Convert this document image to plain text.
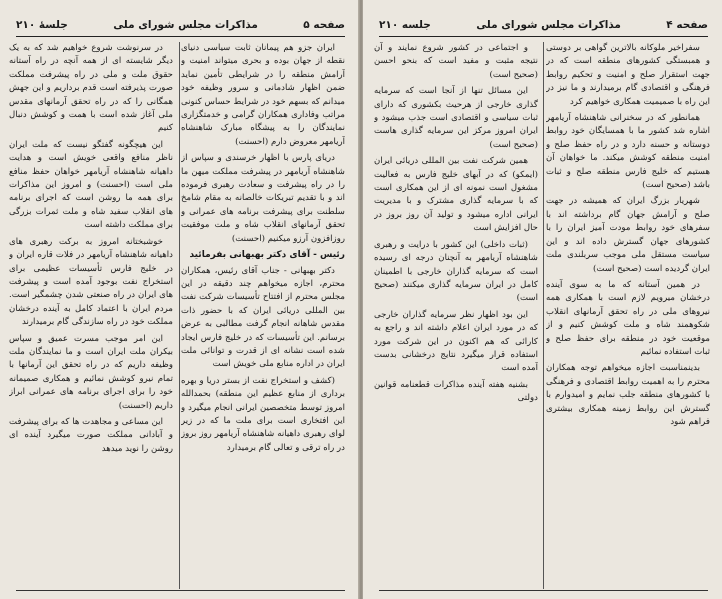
صفحه ۵
مذاکرات مجلس شورای ملی
جلسهٔ ۲۱۰

ایران جزو هم پیمانان ثابت سیاسی دنیای نقطه از جهان بوده و بحری میتواند امنیت و آرامش منطقه را در شرایطی تأمین نماید ضمن اظهار شادمانی و سرور وظیفه خود میدانم که بسهم خود در شرایط حساس کنونی مراتب وفاداری همکاران گرامی و خدمتگزاری نمایندگان را به پیشگاه مبارک شاهنشاه آریامهر معروض دارم (احسنت)

دریای پارس با اظهار خرسندی و سپاس از شاهنشاه آریامهر در پیشرفت مملکت میهن ما را در راه پیشرفت و سعادت رهبری فرموده اند و با تقدیم تبریکات خالصانه به مقام شامخ سلطنت برای پیشرفت برنامه های عمرانی و تحقق آرمانهای انقلاب شاه و ملت موفقیت روزافزون آرزو میکنیم (احسنت)

رئیس - آقای دکتر بهبهانی بفرمائید

دکتر بهبهانی - جناب آقای رئیس، همکاران محترم، اجازه میخواهم چند دقیقه در این مجلس محترم از افتتاح تأسیسات شرکت نفت بین المللی دریائی ایران که با حضور ذات مقدس شاهانه انجام گرفت مطالبی به عرض برسانم. این تأسیسات که در خلیج فارس ایجاد شده است نشانه ای از قدرت و توانائی ملت ایران در اداره منابع ملی خویش است

(کشف و استخراج نفت از بستر دریا و بهره برداری از منابع عظیم این منطقه) بحمدالله امروز توسط متخصصین ایرانی انجام میگیرد و این افتخاری است برای ملت ما که در زیر لوای رهبری داهیانه شاهنشاه آریامهر روز بروز در راه ترقی و تعالی گام برمیدارد

در سرنوشت شروع خواهیم شد که به یک دیگر شایسته ای از همه آنچه در راه آستانه حقوق ملت و ملی در راه پیشرفت مملکت صورت پذیرفته است قدم برداریم و این جهش همگانی را که در راه تحقق آرمانهای مقدس ملی آغاز شده است با همت و کوشش دنبال کنیم

این هیچگونه گفتگو نیست که ملت ایران ناظر منافع واقعی خویش است و هدایت داهیانه شاهنشاه آریامهر خواهان حفظ منافع ملی است (احسنت) و امروز این مذاکرات برای همه ما روشن است که اجرای برنامه های انقلاب سفید شاه و ملت ثمرات بزرگی برای مملکت داشته است

خوشبختانه امروز به برکت رهبری های داهیانه شاهنشاه آریامهر در فلات قاره ایران و در خلیج فارس تأسیسات عظیمی برای استخراج نفت بوجود آمده است و پیشرفت های ایران در راه صنعتی شدن چشمگیر است. مردم ایران با اعتماد کامل به آینده درخشان مملکت خود در راه سازندگی گام برمیدارند

این امر موجب مسرت عمیق و سپاس بیکران ملت ایران است و ما نمایندگان ملت وظیفه داریم که در راه تحقق این آرمانها با تمام نیرو کوشش نمائیم و همکاری صمیمانه خود را برای اجرای برنامه های عمرانی ابراز داریم (احسنت)

این مساعی و مجاهدت ها که برای پیشرفت و آبادانی مملکت صورت میگیرد آینده ای روشن را نوید میدهد

صفحه ۴
مذاکرات مجلس شورای ملی
جلسه ۲۱۰

سفراخیر ملوکانه بالاترین گواهی بر دوستی و همبستگی کشورهای منطقه است که در جهت استقرار صلح و امنیت و تحکیم روابط فرهنگی و اقتصادی گام برمیدارند و ما نیز در این راه با صمیمیت همکاری خواهیم کرد

همانطور که در سخنرانی شاهنشاه آریامهر اشاره شد کشور ما با همسایگان خود روابط دوستانه و حسنه دارد و در راه حفظ صلح و امنیت منطقه کوشش میکند. ما خواهان آن هستیم که خلیج فارس منطقه صلح و ثبات باشد (صحیح است)

شهریار بزرگ ایران که همیشه در جهت صلح و آرامش جهان گام برداشته اند با سفرهای خود روابط مودت آمیز ایران را با کشورهای جهان گسترش داده اند و این سیاست مستقل ملی موجب سربلندی ملت ایران گردیده است (صحیح است)

در همین آستانه که ما به سوی آینده درخشان میرویم لازم است با همکاری همه نیروهای ملی در راه تحقق آرمانهای انقلاب شکوهمند شاه و ملت کوشش کنیم و از موقعیت خود در منطقه برای حفظ صلح و ثبات استفاده نمائیم

بدینمناسبت اجازه میخواهم توجه همکاران محترم را به اهمیت روابط اقتصادی و فرهنگی با کشورهای منطقه جلب نمایم و امیدوارم با گسترش این روابط زمینه همکاری بیشتری فراهم شود

و اجتماعی در کشور شروع نمایند و آن نتیجه مثبت و مفید است که بنحو احسن (صحیح است)

این مسائل تنها از آنجا است که سرمایه گذاری خارجی از هرحیث بکشوری که دارای ثبات سیاسی و اقتصادی است جذب میشود و ایران امروز مرکز این سرمایه گذاری هاست (صحیح است)

همین شرکت نفت بین المللی دریائی ایران (ایمکو) که در آبهای خلیج فارس به فعالیت مشغول است نمونه ای از این همکاری است که با سرمایه گذاری مشترک و با مدیریت ایرانی اداره میشود و تولید آن روز بروز در حال افزایش است

(ثبات داخلی) این کشور با درایت و رهبری شاهنشاه آریامهر به آنچنان درجه ای رسیده است که سرمایه گذاران خارجی با اطمینان کامل در ایران سرمایه گذاری میکنند (صحیح است)

این بود اظهار نظر سرمایه گذاران خارجی که در مورد ایران اعلام داشته اند و راجع به کارائی که هم اکنون در این شرکت مورد استفاده قرار میگیرد نتایج درخشانی بدست آمده است

بشنیه هفته آینده مذاکرات قطعنامه قوانین دولتی
